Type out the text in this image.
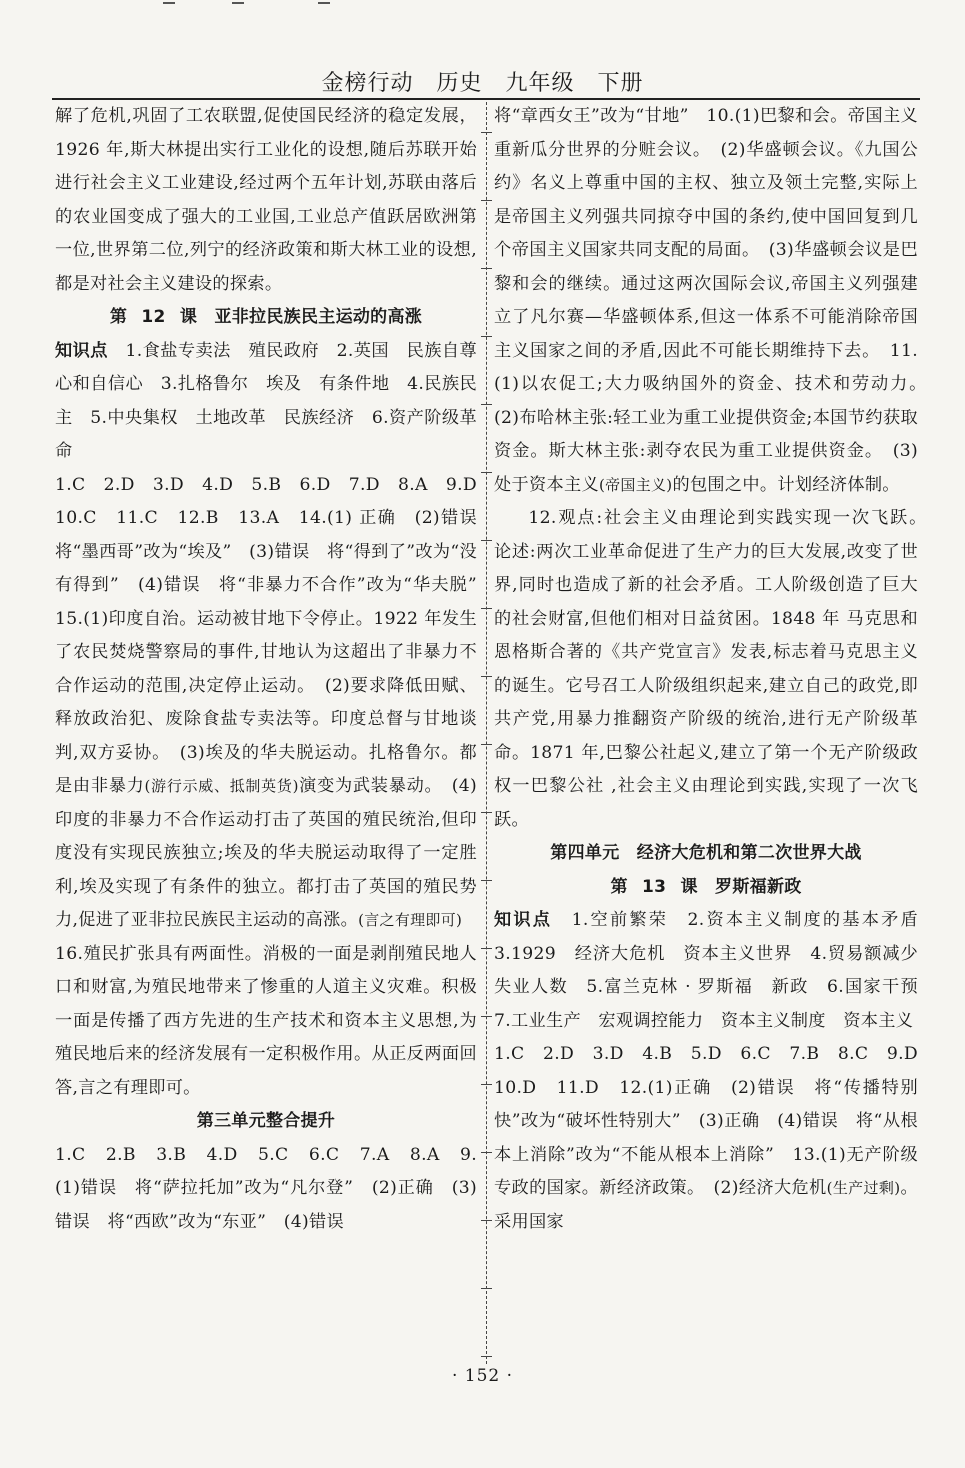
金榜行动　历史　九年级　下册

解了危机,巩固了工农联盟,促使国民经济的稳定发展，1926 年,斯大林提出实行工业化的设想,随后苏联开始进行社会主义工业建设,经过两个五年计划,苏联由落后的农业国变成了强大的工业国,工业总产值跃居欧洲第一位,世界第二位,列宁的经济政策和斯大林工业的设想,都是对社会主义建设的探索。

第 12 课　亚非拉民族民主运动的高涨

知识点　 1.食盐专卖法　殖民政府　2.英国　民族自尊心和自信心　3.扎格鲁尔　埃及　有条件地　4.民族民主　5.中央集权　土地改革　民族经济　6.资产阶级革命

1.C　2.D　3.D　4.D　5.B　6.D　7.D　8.A　9.D　10.C　11.C　12.B　13.A　14.(1) 正确　(2)错误　将“墨西哥”改为“埃及”　(3)错误　将“得到了”改为“没有得到”　(4)错误　将“非暴力不合作”改为“华夫脱”　15.(1)印度自治。运动被甘地下令停止。1922 年发生了农民焚烧警察局的事件,甘地认为这超出了非暴力不合作运动的范围,决定停止运动。　(2)要求降低田赋、释放政治犯、废除食盐专卖法等。印度总督与甘地谈判,双方妥协。　(3)埃及的华夫脱运动。扎格鲁尔。都是由非暴力(游行示威、抵制英货)演变为武装暴动。　(4)印度的非暴力不合作运动打击了英国的殖民统治,但印度没有实现民族独立;埃及的华夫脱运动取得了一定胜利,埃及实现了有条件的独立。都打击了英国的殖民势力,促进了亚非拉民族民主运动的高涨。(言之有理即可)　16.殖民扩张具有两面性。消极的一面是剥削殖民地人口和财富,为殖民地带来了惨重的人道主义灾难。积极一面是传播了西方先进的生产技术和资本主义思想,为殖民地后来的经济发展有一定积极作用。从正反两面回答,言之有理即可。

第三单元整合提升

1.C　2.B　3.B　4.D　5.C　6.C　7.A　8.A　9.(1)错误　将“萨拉托加”改为“凡尔登”　(2)正确　(3)错误　将“西欧”改为“东亚”　(4)错误

将“章西女王”改为“甘地”　10.(1)巴黎和会。帝国主义重新瓜分世界的分赃会议。　(2)华盛顿会议。《九国公约》名义上尊重中国的主权、独立及领土完整,实际上是帝国主义列强共同掠夺中国的条约,使中国回复到几个帝国主义国家共同支配的局面。　(3)华盛顿会议是巴黎和会的继续。通过这两次国际会议,帝国主义列强建立了凡尔赛—华盛顿体系,但这一体系不可能消除帝国主义国家之间的矛盾,因此不可能长期维持下去。　11.(1)以农促工;大力吸纳国外的资金、技术和劳动力。　(2)布哈林主张:轻工业为重工业提供资金;本国节约获取资金。斯大林主张:剥夺农民为重工业提供资金。　(3)处于资本主义(帝国主义)的包围之中。计划经济体制。

12.观点:社会主义由理论到实践实现一次飞跃。　论述:两次工业革命促进了生产力的巨大发展,改变了世界,同时也造成了新的社会矛盾。工人阶级创造了巨大的社会财富,但他们相对日益贫困。1848 年 马克思和恩格斯合著的《共产党宣言》发表,标志着马克思主义的诞生。它号召工人阶级组织起来,建立自己的政党,即共产党,用暴力推翻资产阶级的统治,进行无产阶级革命。1871 年,巴黎公社起义,建立了第一个无产阶级政权一巴黎公社 ,社会主义由理论到实践,实现了一次飞跃。

第四单元　经济大危机和第二次世界大战

第 13 课　罗斯福新政

知识点　 1.空前繁荣　2.资本主义制度的基本矛盾　3.1929　经济大危机　资本主义世界　4.贸易额减少　失业人数　5.富兰克林 · 罗斯福　新政　6.国家干预　7.工业生产　宏观调控能力　资本主义制度　资本主义

1.C　2.D　3.D　4.B　5.D　6.C　7.B　8.C　9.D　10.D　11.D　12.(1)正确　(2)错误　将“传播特别快”改为“破坏性特别大”　(3)正确　(4)错误　将“从根本上消除”改为“不能从根本上消除”　13.(1)无产阶级专政的国家。新经济政策。　(2)经济大危机(生产过剩)。采用国家

· 152 ·
